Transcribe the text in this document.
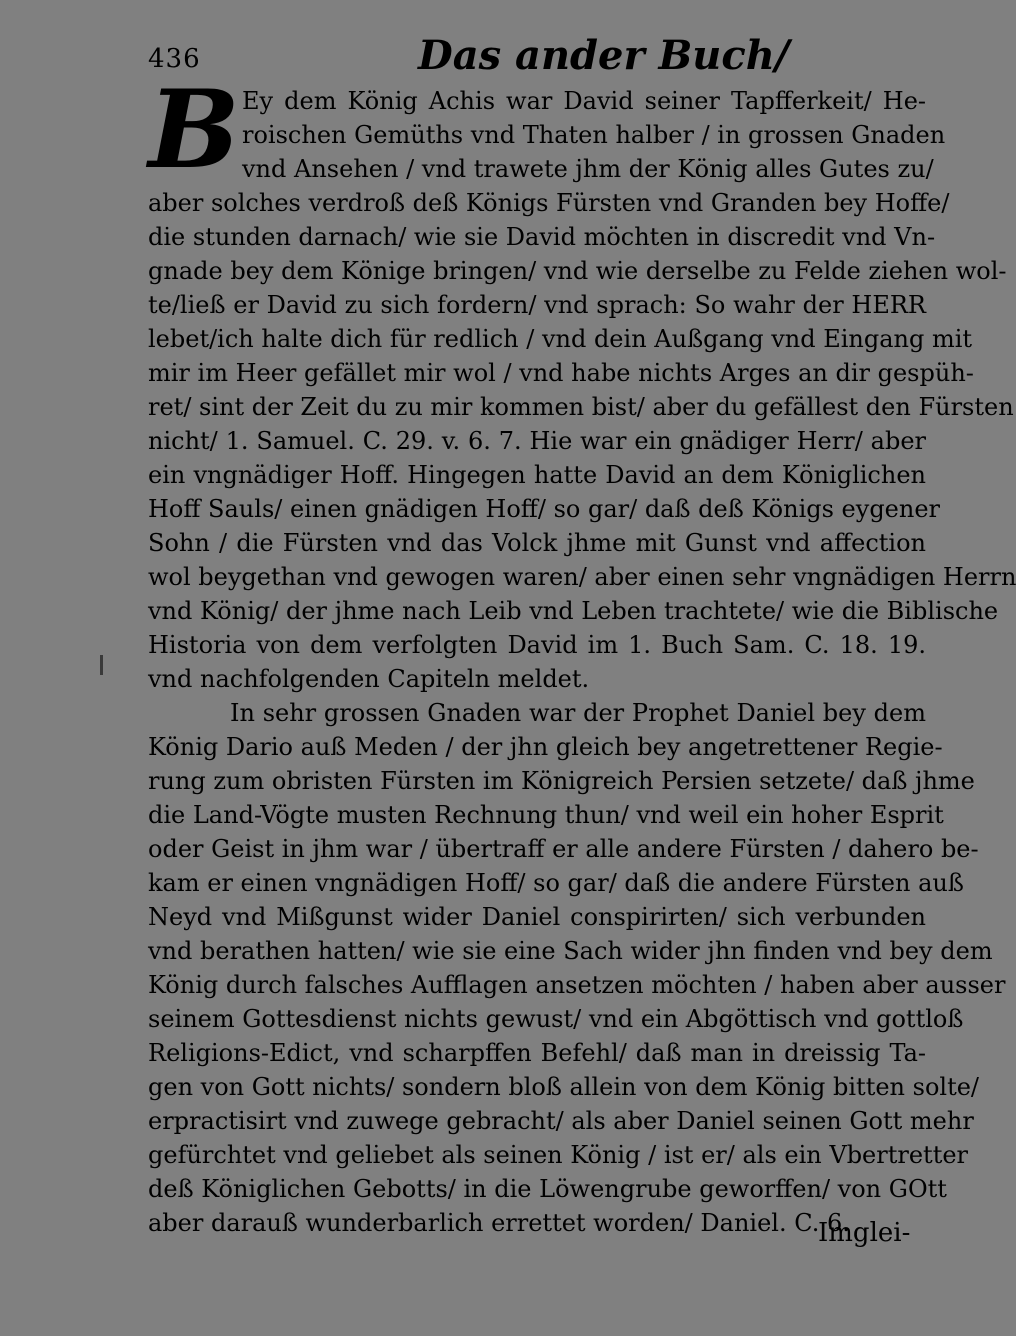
436	Das ander Buch/
B Ey dem König Achis war David seiner Tapfferkeit/ He-
roischen Gemüths vnd Thaten halber / in grossen Gnaden
vnd Ansehen / vnd trawete jhm der König alles Gutes zu/
aber solches verdroß deß Königs Fürsten vnd Granden bey Hoffe/
die stunden darnach/ wie sie David möchten in discredit vnd Vn-
gnade bey dem Könige bringen/ vnd wie derselbe zu Felde ziehen wol-
te/ließ er David zu sich fordern/ vnd sprach: So wahr der HERR
lebet/ich halte dich für redlich / vnd dein Außgang vnd Eingang mit
mir im Heer gefället mir wol / vnd habe nichts Arges an dir gespüh-
ret/ sint der Zeit du zu mir kommen bist/ aber du gefällest den Fürsten
nicht/ 1. Samuel. C. 29. v. 6. 7. Hie war ein gnädiger Herr/ aber
ein vngnädiger Hoff. Hingegen hatte David an dem Königlichen
Hoff Sauls/ einen gnädigen Hoff/ so gar/ daß deß Königs eygener
Sohn / die Fürsten vnd das Volck jhme mit Gunst vnd affection
wol beygethan vnd gewogen waren/ aber einen sehr vngnädigen Herrn
vnd König/ der jhme nach Leib vnd Leben trachtete/ wie die Biblische
Historia von dem verfolgten David im 1. Buch Sam. C. 18. 19.
vnd nachfolgenden Capiteln meldet.
In sehr grossen Gnaden war der Prophet Daniel bey dem
König Dario auß Meden / der jhn gleich bey angetrettener Regie-
rung zum obristen Fürsten im Königreich Persien setzete/ daß jhme
die Land-Vögte musten Rechnung thun/ vnd weil ein hoher Esprit
oder Geist in jhm war / übertraff er alle andere Fürsten / dahero be-
kam er einen vngnädigen Hoff/ so gar/ daß die andere Fürsten auß
Neyd vnd Mißgunst wider Daniel conspirirten/ sich verbunden
vnd berathen hatten/ wie sie eine Sach wider jhn finden vnd bey dem
König durch falsches Aufflagen ansetzen möchten / haben aber ausser
seinem Gottesdienst nichts gewust/ vnd ein Abgöttisch vnd gottloß
Religions-Edict, vnd scharpffen Befehl/ daß man in dreissig Ta-
gen von Gott nichts/ sondern bloß allein von dem König bitten solte/
erpractisirt vnd zuwege gebracht/ als aber Daniel seinen Gott mehr
gefürchtet vnd geliebet als seinen König / ist er/ als ein Vbertretter
deß Königlichen Gebotts/ in die Löwengrube geworffen/ von GOtt
aber darauß wunderbarlich errettet worden/ Daniel. C. 6.
Imglei-
